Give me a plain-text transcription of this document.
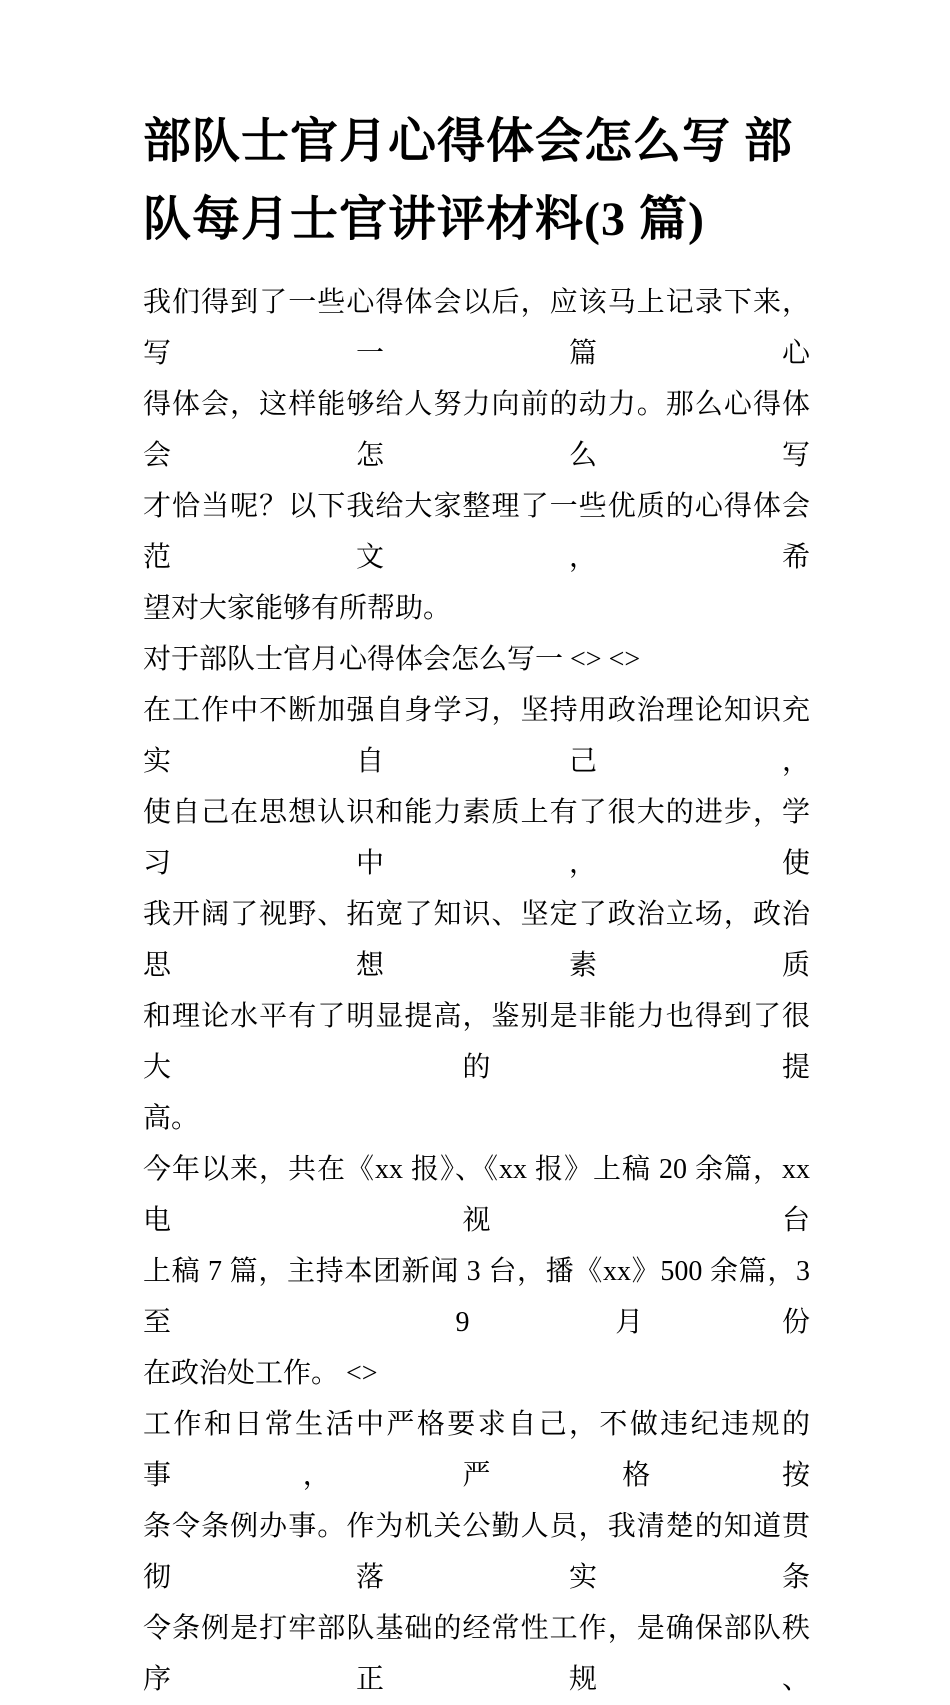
部队士官月心得体会怎么写 部
队每月士官讲评材料(3 篇)
我们得到了一些心得体会以后，应该马上记录下来，写一篇心
得体会，这样能够给人努力向前的动力。那么心得体会怎么写
才恰当呢？以下我给大家整理了一些优质的心得体会范文，希
望对大家能够有所帮助。
对于部队士官月心得体会怎么写一 <> <>
在工作中不断加强自身学习，坚持用政治理论知识充实自己，
使自己在思想认识和能力素质上有了很大的进步，学习中，使
我开阔了视野、拓宽了知识、坚定了政治立场，政治思想素质
和理论水平有了明显提高，鉴别是非能力也得到了很大的提
高。
今年以来，共在《xx 报》、《xx 报》上稿 20 余篇，xx 电视台
上稿 7 篇，主持本团新闻 3 台，播《xx》500 余篇，3 至 9 月份
在政治处工作。 <>
工作和日常生活中严格要求自己，不做违纪违规的事，严格按
条令条例办事。作为机关公勤人员，我清楚的知道贯彻落实条
令条例是打牢部队基础的经常性工作，是确保部队秩序正规、
